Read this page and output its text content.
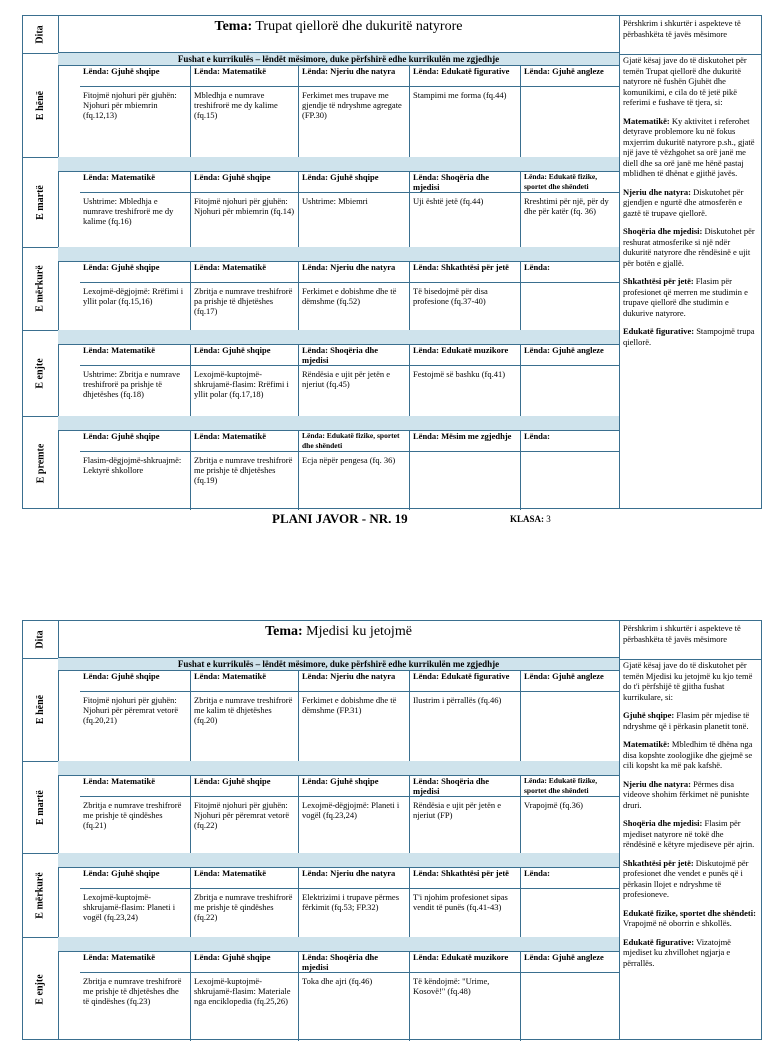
Dita
E hënë
E martë
E mërkurë
E enjte
E premte
Tema: Trupat qiellorë dhe dukuritë natyrore
Fushat e kurrikulës – lëndët mësimore, duke përfshirë edhe kurrikulën me zgjedhje
Lënda: Gjuhë shqipe
Fitojmë njohuri për gjuhën: Njohuri për mbiemrin (fq.12,13)
Lënda: Matematikë
Mbledhja e numrave treshifrorë me dy kalime (fq.15)
Lënda: Njeriu dhe natyra
Ferkimet mes trupave me gjendje të ndryshme agregate (FP.30)
Lënda: Edukatë figurative
Stampimi me forma (fq.44)
Lënda: Gjuhë angleze
Lënda: Matematikë
Ushtrime: Mbledhja e numrave treshifrorë me dy kalime (fq.16)
Lënda: Gjuhë shqipe
Fitojmë njohuri për gjuhën: Njohuri për mbiemrin (fq.14)
Lënda: Gjuhë shqipe
Ushtrime: Mbiemri
Lënda: Shoqëria dhe mjedisi
Uji është jetë (fq.44)
Lënda: Edukatë fizike, sportet dhe shëndeti
Rreshtimi për një, për dy dhe për katër (fq. 36)
Lënda: Gjuhë shqipe
Lexojmë-dëgjojmë: Rrëfimi i yllit polar (fq.15,16)
Lënda: Matematikë
Zbritja e numrave treshifrorë pa prishje të dhjetëshes (fq.17)
Lënda: Njeriu dhe natyra
Ferkimet e dobishme dhe të dëmshme (fq.52)
Lënda: Shkathtësi për jetë
Të bisedojmë për disa profesione (fq.37-40)
Lënda:
Lënda: Matematikë
Ushtrime: Zbritja e numrave treshifrorë pa prishje të dhjetëshes (fq.18)
Lënda: Gjuhë shqipe
Lexojmë-kuptojmë-shkrujamë-flasim: Rrëfimi i yllit polar (fq.17,18)
Lënda: Shoqëria dhe mjedisi
Rëndësia e ujit për jetën e njeriut (fq.45)
Lënda: Edukatë muzikore
Festojmë së bashku (fq.41)
Lënda: Gjuhë angleze
Lënda: Gjuhë shqipe
Flasim-dëgjojmë-shkruajmë: Lektyrë shkollore
Lënda: Matematikë
Zbritja e numrave treshifrorë me prishje të dhjetëshes (fq.19)
Lënda: Edukatë fizike, sportet dhe shëndeti
Ecja nëpër pengesa (fq. 36)
Lënda: Mësim me zgjedhje	Lënda:
Përshkrim i shkurtër i aspekteve të përbashkëta të javës mësimore

Gjatë kësaj jave do të diskutohet për temën Trupat qiellorë dhe dukuritë natyrore në fushën Gjuhët dhe komunikimi, e cila do të jetë pikë referimi e fushave të tjera, si:

Matematikë: Ky aktivitet i referohet detyrave problemore ku në fokus mxjerrim dukuritë natyrore p.sh., gjatë një jave të vëzhgohet sa orë janë me diell dhe sa orë janë me hënë pastaj mblidhen të dhënat e gjithë javës.

Njeriu dhe natyra: Diskutohet për gjendjen e ngurtë dhe atmosferën e gaztë të trupave qiellorë.

Shoqëria dhe mjedisi: Diskutohet për reshurat atmosferike si një ndër dukuritë natyrore dhe rëndësinë e ujit për botën e gjallë.

Shkathtësi për jetë: Flasim për profesionet që merren me studimin e trupave qiellorë dhe studimin e dukurive natyrore.

Edukatë figurative: Stampojmë trupa qiellorë.

PLANI JAVOR - NR. 19	KLASA: 3
Dita
E hënë
E martë
E mërkurë
E enjte
Tema: Mjedisi ku jetojmë
Fushat e kurrikulës – lëndët mësimore, duke përfshirë edhe kurrikulën me zgjedhje
Lënda: Gjuhë shqipe
Fitojmë njohuri për gjuhën: Njohuri për përemrat vetorë (fq.20,21)
Lënda: Matematikë
Zbritja e numrave treshifrorë me kalim të dhjetëshes (fq.20)
Lënda: Njeriu dhe natyra
Ferkimet e dobishme dhe të dëmshme (FP.31)
Lënda: Edukatë figurative
Ilustrim i përrallës (fq.46)
Lënda: Gjuhë angleze
Lënda: Matematikë
Zbritja e numrave treshifrorë me prishje të qindëshes (fq.21)
Lënda: Gjuhë shqipe
Fitojmë njohuri për gjuhën: Njohuri për përemrat vetorë (fq.22)
Lënda: Gjuhë shqipe
Lexojmë-dëgjojmë: Planeti i vogël (fq.23,24)
Lënda: Shoqëria dhe mjedisi
Rëndësia e ujit për jetën e njeriut (FP)
Lënda: Edukatë fizike, sportet dhe shëndeti
Vrapojmë (fq.36)
Lënda: Gjuhë shqipe
Lexojmë-kuptojmë-shkrujamë-flasim: Planeti i vogël (fq.23,24)
Lënda: Matematikë
Zbritja e numrave treshifrorë me prishje të qindëshes (fq.22)
Lënda: Njeriu dhe natyra
Elektrizimi i trupave përmes fërkimit (fq.53; FP.32)
Lënda: Shkathtësi për jetë
T'i njohim profesionet sipas vendit të punës (fq.41-43)
Lënda:
Lënda: Matematikë
Zbritja e numrave treshifrorë me prishje të dhjetëshes dhe të qindëshes (fq.23)
Lënda: Gjuhë shqipe
Lexojmë-kuptojmë-shkrujamë-flasim: Materiale nga enciklopedia (fq.25,26)
Lënda: Shoqëria dhe mjedisi
Toka dhe ajri (fq.46)
Lënda: Edukatë muzikore
Të këndojmë: "Urime, Kosovë!" (fq.48)
Lënda: Gjuhë angleze
Përshkrim i shkurtër i aspekteve të përbashkëta të javës mësimore

Gjatë kësaj jave do të diskutohet për temën Mjedisi ku jetojmë ku kjo temë do t'i përfshijë të gjitha fushat kurrikulare, si:

Gjuhë shqipe: Flasim për mjedise të ndryshme që i përkasin planetit tonë.

Matematikë: Mbledhim të dhëna nga disa kopshte zoologjike dhe gjejmë se cili kopsht ka më pak kafshë.

Njeriu dhe natyra: Përmes disa videove shohim fërkimet në punishte druri.

Shoqëria dhe mjedisi: Flasim për mjediset natyrore në tokë dhe rëndësinë e këtyre mjediseve për ajrin.

Shkathtësi për jetë: Diskutojmë për profesionet dhe vendet e punës që i përkasin llojet e ndryshme të profesioneve.

Edukatë fizike, sportet dhe shëndeti: Vrapojmë në oborrin e shkollës.

Edukatë figurative: Vizatojmë mjediset ku zhvillohet ngjarja e përrallës.
